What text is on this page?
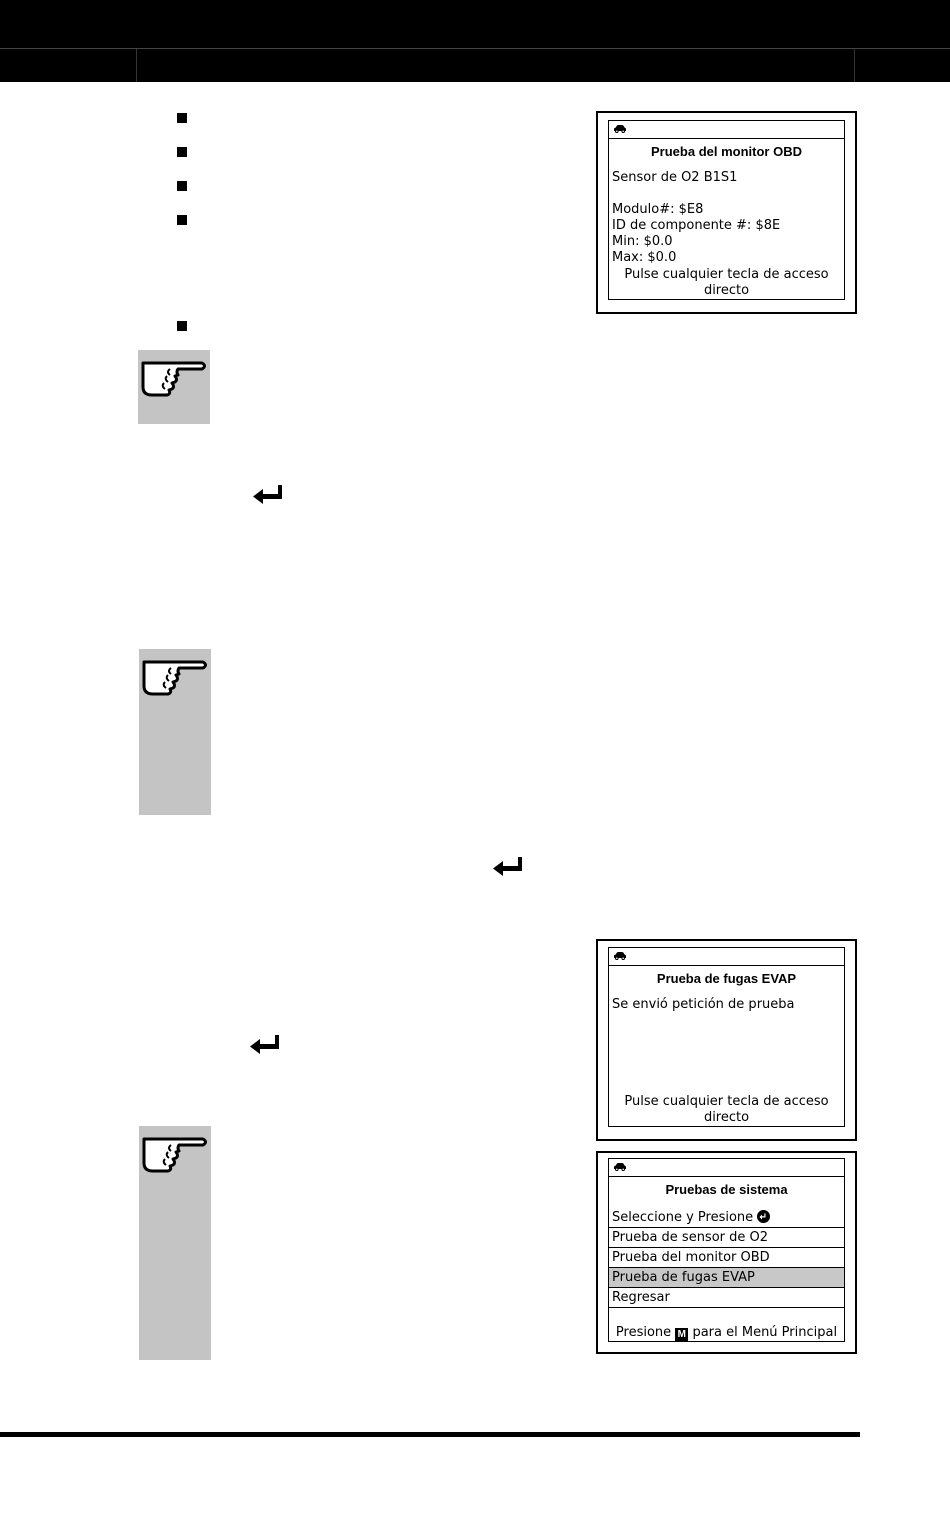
Prueba del monitor OBD
Sensor de O2 B1S1
Modulo#: $E8
ID de componente #: $8E
Min: $0.0
Max: $0.0
Pulse cualquier tecla de acceso
directo
Prueba de fugas EVAP
Se envió petición de prueba
Pulse cualquier tecla de acceso
directo
Pruebas de sistema
Seleccione y Presione
Prueba de sensor de O2
Prueba del monitor OBD
Prueba de fugas EVAP
Regresar
Presione M para el Menú Principal
